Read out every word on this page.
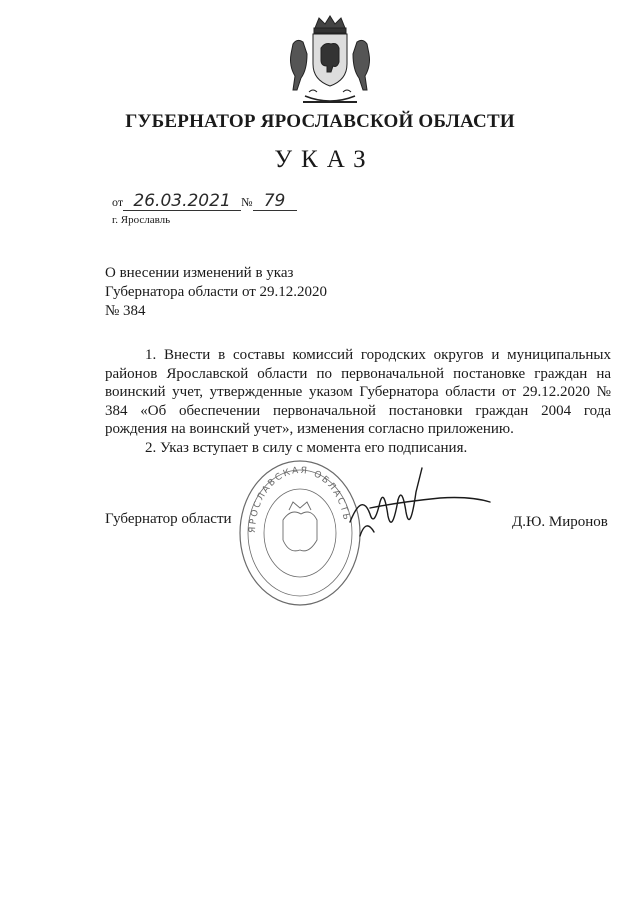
ГУБЕРНАТОР ЯРОСЛАВСКОЙ ОБЛАСТИ
УКАЗ
от 26.03.2021 № 79
г. Ярославль
О внесении изменений в указ
Губернатора области от 29.12.2020
№ 384

1. Внести в составы комиссий городских округов и муниципальных районов Ярославской области по первоначальной постановке граждан на воинский учет, утвержденные указом Губернатора области от 29.12.2020 № 384 «Об обеспечении первоначальной постановки граждан 2004 года рождения на воинский учет», изменения согласно приложению.

2. Указ вступает в силу с момента его подписания.

ЯРОСЛАВСКАЯ ОБЛАСТЬ
Губернатор области	Д.Ю. Миронов
